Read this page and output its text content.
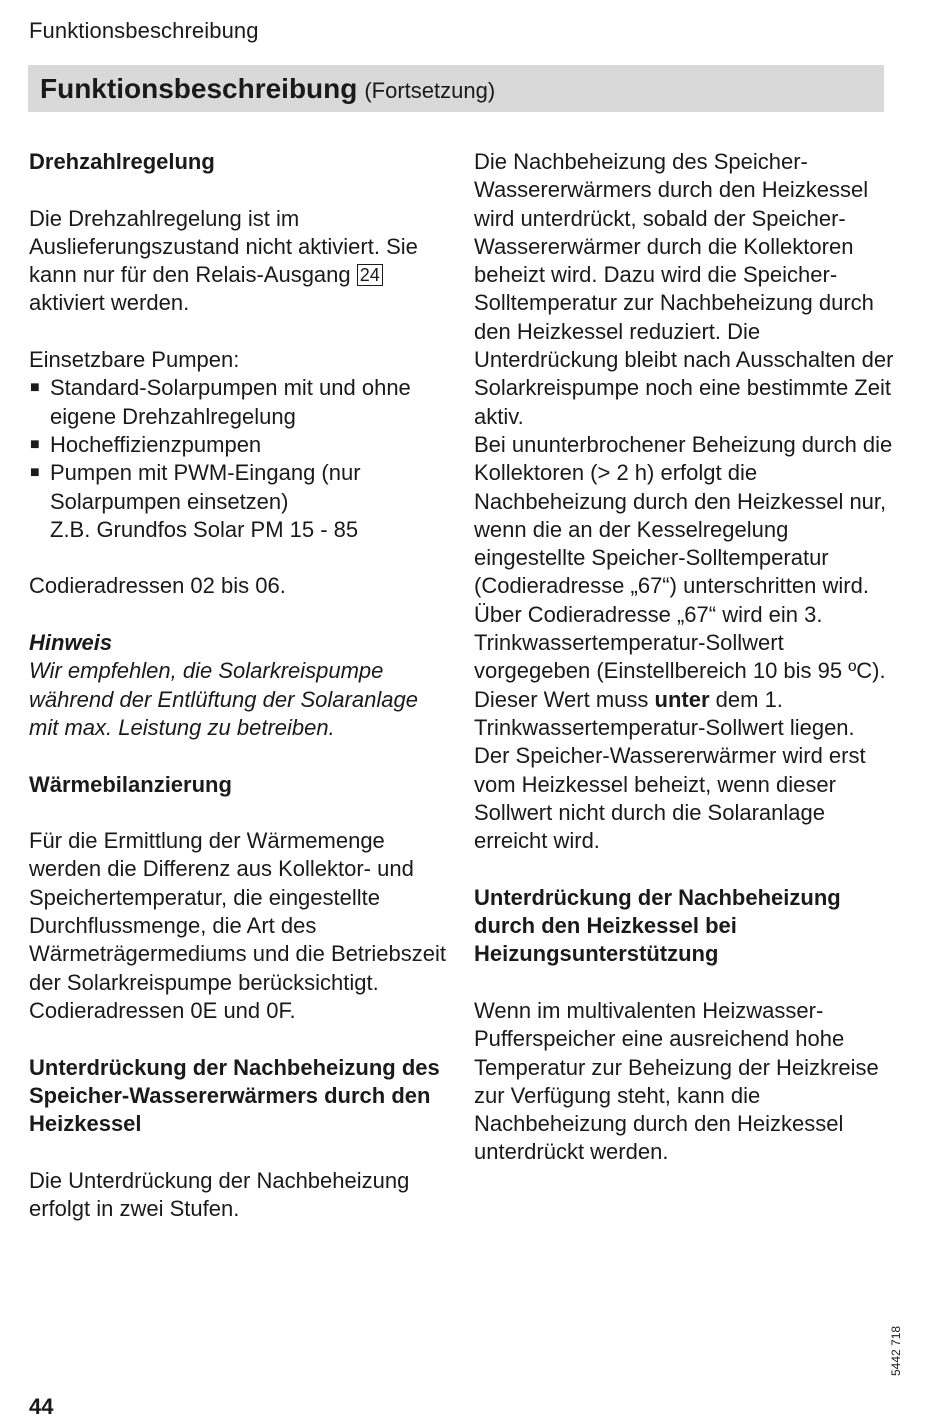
Funktionsbeschreibung
Funktionsbeschreibung (Fortsetzung)

Drehzahlregelung

Die Drehzahlregelung ist im Auslieferungszustand nicht aktiviert. Sie kann nur für den Relais-Ausgang 24 aktiviert werden.

Einsetzbare Pumpen:

■ Standard-Solarpumpen mit und ohne eigene Drehzahlregelung

■ Hocheffizienzpumpen

■ Pumpen mit PWM-Eingang (nur Solarpumpen einsetzen)

Z.B. Grundfos Solar PM 15 - 85

Codieradressen 02 bis 06.

Hinweis

Wir empfehlen, die Solarkreispumpe während der Entlüftung der Solaranlage mit max. Leistung zu betreiben.

Wärmebilanzierung

Für die Ermittlung der Wärmemenge werden die Differenz aus Kollektor- und Speichertemperatur, die eingestellte Durchflussmenge, die Art des Wärmeträgermediums und die Betriebszeit der Solarkreispumpe berücksichtigt.

Codieradressen 0E und 0F.

Unterdrückung der Nachbeheizung des Speicher-Wassererwärmers durch den Heizkessel

Die Unterdrückung der Nachbeheizung erfolgt in zwei Stufen.

Die Nachbeheizung des Speicher-Wassererwärmers durch den Heizkessel wird unterdrückt, sobald der Speicher-Wassererwärmer durch die Kollektoren beheizt wird. Dazu wird die Speicher-Solltemperatur zur Nachbeheizung durch den Heizkessel reduziert. Die Unterdrückung bleibt nach Ausschalten der Solarkreispumpe noch eine bestimmte Zeit aktiv.

Bei ununterbrochener Beheizung durch die Kollektoren (> 2 h) erfolgt die Nachbeheizung durch den Heizkessel nur, wenn die an der Kesselregelung eingestellte Speicher-Solltemperatur (Codieradresse „67“) unterschritten wird.

Über Codieradresse „67“ wird ein 3. Trinkwassertemperatur-Sollwert vorgegeben (Einstellbereich 10 bis 95 ºC).

Dieser Wert muss unter dem 1. Trinkwassertemperatur-Sollwert liegen.

Der Speicher-Wassererwärmer wird erst vom Heizkessel beheizt, wenn dieser Sollwert nicht durch die Solaranlage erreicht wird.

Unterdrückung der Nachbeheizung durch den Heizkessel bei Heizungsunterstützung

Wenn im multivalenten Heizwasser-Pufferspeicher eine ausreichend hohe Temperatur zur Beheizung der Heizkreise zur Verfügung steht, kann die Nachbeheizung durch den Heizkessel unterdrückt werden.

44
5442 718
